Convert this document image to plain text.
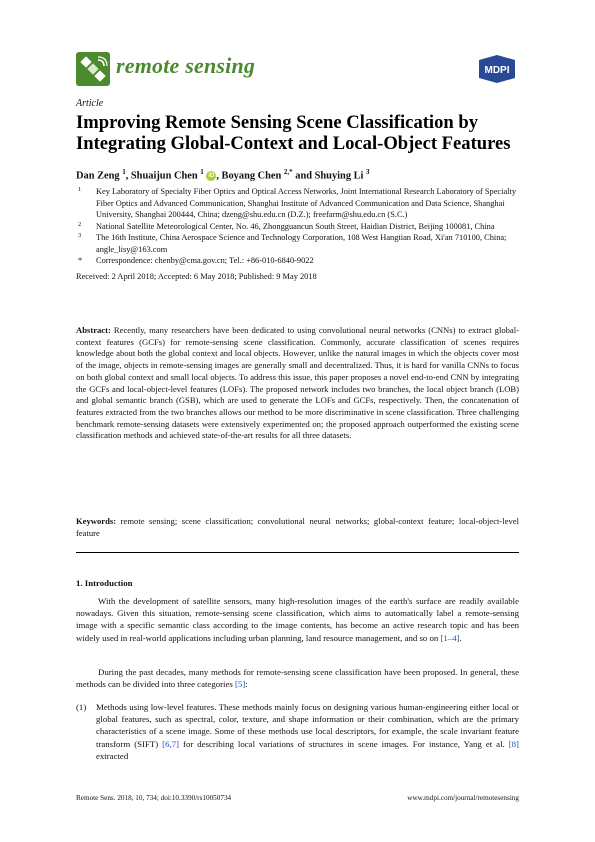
remote sensing	MDPI
Article
Improving Remote Sensing Scene Classification by Integrating Global-Context and Local-Object Features
Dan Zeng $^1$, Shuaijun Chen $^1$ iD , Boyang Chen $^{2,*}$ and Shuying Li $^3$
1 Key Laboratory of Specialty Fiber Optics and Optical Access Networks, Joint International Research Laboratory of Specialty Fiber Optics and Advanced Communication, Shanghai Institute of Advanced Communication and Data Science, Shanghai University, Shanghai 200444, China; dzeng@shu.edu.cn (D.Z.); freefarm@shu.edu.cn (S.C.)
2 National Satellite Meteorological Center, No. 46, Zhongguancun South Street, Haidian District, Beijing 100081, China
3 The 16th Institute, China Aerospace Science and Technology Corporation, 108 West Hangtian Road, Xi'an 710100, China; angle_lisy@163.com
* Correspondence: chenby@cma.gov.cn; Tel.: +86-010-6840-9022
Received: 2 April 2018; Accepted: 6 May 2018; Published: 9 May 2018
Abstract: Recently, many researchers have been dedicated to using convolutional neural networks (CNNs) to extract global-context features (GCFs) for remote-sensing scene classification. Commonly, accurate classification of scenes requires knowledge about both the global context and local objects. However, unlike the natural images in which the objects cover most of the image, objects in remote-sensing images are generally small and decentralized. Thus, it is hard for vanilla CNNs to focus on both global context and small local objects. To address this issue, this paper proposes a novel end-to-end CNN by integrating the GCFs and local-object-level features (LOFs). The proposed network includes two branches, the local object branch (LOB) and global semantic branch (GSB), which are used to generate the LOFs and GCFs, respectively. Then, the concatenation of features extracted from the two branches allows our method to be more discriminative in scene classification. Three challenging benchmark remote-sensing datasets were extensively experimented on; the proposed approach outperformed the existing scene classification methods and achieved state-of-the-art results for all three datasets.
Keywords: remote sensing; scene classification; convolutional neural networks; global-context feature; local-object-level feature
1. Introduction
With the development of satellite sensors, many high-resolution images of the earth's surface are readily available nowadays. Given this situation, remote-sensing scene classification, which aims to automatically label a remote-sensing image with a specific semantic class according to the image contents, has become an active research topic and has been widely used in real-world applications including urban planning, land resource management, and so on [1–4].
During the past decades, many methods for remote-sensing scene classification have been proposed. In general, these methods can be divided into three categories [5]:
(1) Methods using low-level features. These methods mainly focus on designing various human-engineering either local or global features, such as spectral, color, texture, and shape information or their combination, which are the primary characteristics of a scene image. Some of these methods use local descriptors, for example, the scale invariant feature transform (SIFT) [6,7] for describing local variations of structures in scene images. For instance, Yang et al. [8] extracted
Remote Sens. 2018, 10, 734; doi:10.3390/rs10050734	www.mdpi.com/journal/remotesensing
